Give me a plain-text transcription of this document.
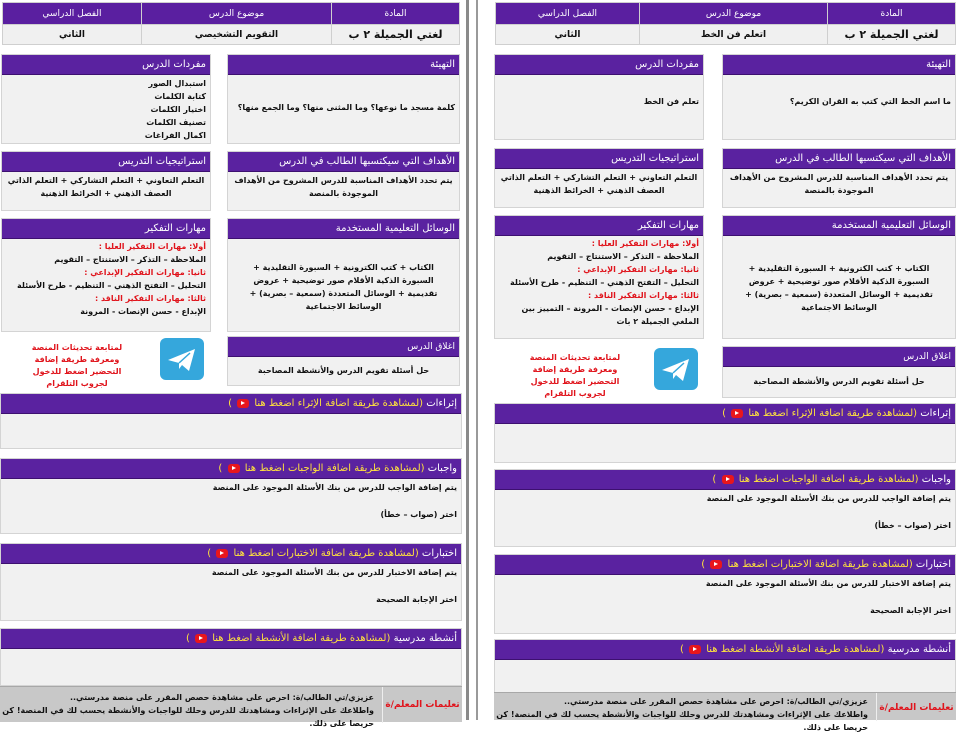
المادة	موضوع الدرس	الفصل الدراسي
لغتي الجميلة ٢ ب	التقويم التشخيصي	الثاني
التهيئة
كلمة مسجد ما نوعها؟ وما المثنى منها؟ وما الجمع منها؟
مفردات الدرس
استبدال الصور
كتابة الكلمات
اختيار الكلمات
تصنيف الكلمات
اكمال الفراغات
الأهداف التي سيكتسبها الطالب في الدرس
يتم تحدد الأهداف المناسبة للدرس المشروح من الأهداف الموجودة بالمنصة
استراتيجيات التدريس
التعلم التعاوني + التعلم التشاركي + التعلم الذاتي العصف الذهني + الخرائط الذهنية
الوسائل التعليمية المستخدمة
الكتاب + كتب الكترونية + السبورة التقليدية + السبورة الذكية الأقلام صور توضيحية + عروض تقديمية + الوسائل المتعددة (سمعية – بصرية) + الوسائط الاجتماعية
مهارات التفكير
أولا: مهارات التفكير العليا :
الملاحظة – التذكر – الاستنتاج – التقويم
ثانيا: مهارات التفكير الإبداعي :
التحليل – التفتح الذهني – التنظيم - طرح الأسئلة
ثالثا: مهارات التفكير الناقد :
الإبداع - حسن الإنصات - المرونة
اغلاق الدرس
حل أسئلة تقويم الدرس والأنشطة المصاحبة
لمتابعة تحديثات المنصة ومعرفة طريقة إضافة التحضير اضغط للدخول لجروب التلقرام
إثراءات (لمشاهدة طريقة اضافة الإثراء اضغط هنا  )
واجبات (لمشاهدة طريقة اضافة الواجبات اضغط هنا  )
يتم إضافة الواجب للدرس من بنك الأسئلة الموجود على المنصة
اختر (صواب – خطأ)
اختبارات (لمشاهدة طريقة اضافة الاختبارات اضغط هنا  )
يتم إضافة الاختبار للدرس من بنك الأسئلة الموجود على المنصة
اختر الإجابة الصحيحة
أنشطة مدرسية (لمشاهدة طريقة اضافة الأنشطة اضغط هنا  )
تعليمات المعلم/ة
عزيزي/تي الطالب/ة: احرص على مشاهدة حصص المقرر على منصة مدرستي..
واطلاعك على الإثراءات ومشاهدتك للدرس وحلك للواجبات والأنشطة يحسب لك في المنصة! كن حريصا على ذلك.
المادة	موضوع الدرس	الفصل الدراسي
لغتي الجميلة ٢ ب	اتعلم فن الخط	الثاني
التهيئة
ما اسم الخط التي كتب به القران الكريم؟
مفردات الدرس
تعلم فن الخط
الأهداف التي سيكتسبها الطالب في الدرس
يتم تحدد الأهداف المناسبة للدرس المشروح من الأهداف الموجودة بالمنصة
استراتيجيات التدريس
التعلم التعاوني + التعلم التشاركي + التعلم الذاتي العصف الذهني + الخرائط الذهنية
الوسائل التعليمية المستخدمة
الكتاب + كتب الكترونية + السبورة التقليدية + السبورة الذكية الأقلام صور توضيحية + عروض تقديمية + الوسائل المتعددة (سمعية – بصرية) + الوسائط الاجتماعية
مهارات التفكير
أولا: مهارات التفكير العليا :
الملاحظة – التذكر – الاستنتاج – التقويم
ثانيا: مهارات التفكير الإبداعي :
التحليل – التفتح الذهني – التنظيم - طرح الأسئلة
ثالثا: مهارات التفكير الناقد :
الإبداع - حسن الإنصات - المرونة – التمييز بين الملغي الجميلة ٢ بات
اغلاق الدرس
حل أسئلة تقويم الدرس والأنشطة المصاحبة
لمتابعة تحديثات المنصة ومعرفة طريقة إضافة التحضير اضغط للدخول لجروب التلقرام
إثراءات (لمشاهدة طريقة اضافة الإثراء اضغط هنا  )
واجبات (لمشاهدة طريقة اضافة الواجبات اضغط هنا  )
يتم إضافة الواجب للدرس من بنك الأسئلة الموجود على المنصة
اختر (صواب – خطأ)
اختبارات (لمشاهدة طريقة اضافة الاختبارات اضغط هنا  )
يتم إضافة الاختبار للدرس من بنك الأسئلة الموجود على المنصة
اختر الإجابة الصحيحة
أنشطة مدرسية (لمشاهدة طريقة اضافة الأنشطة اضغط هنا  )
تعليمات المعلم/ة
عزيزي/تي الطالب/ة: احرص على مشاهدة حصص المقرر على منصة مدرستي..
واطلاعك على الإثراءات ومشاهدتك للدرس وحلك للواجبات والأنشطة يحسب لك في المنصة! كن حريصا على ذلك.
